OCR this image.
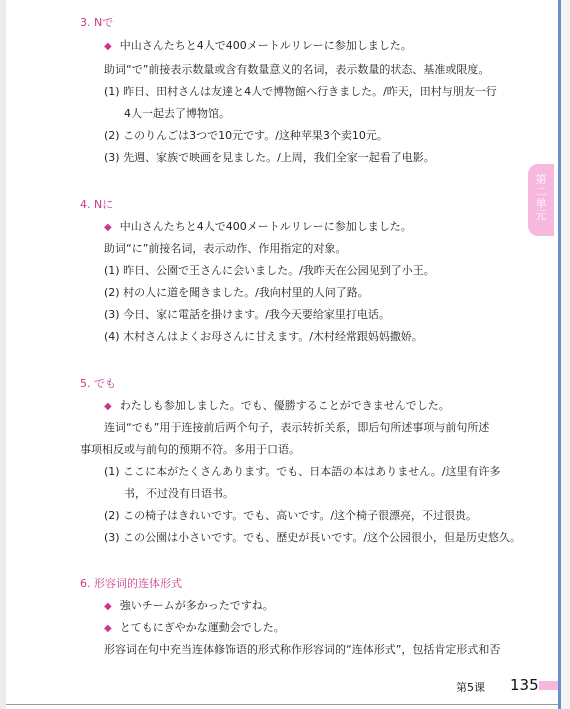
第
二
单
元
3. Nで
◆ 中山さんたちと4人で400メートルリレーに参加しました。
助词“で”前接表示数量或含有数量意义的名词，表示数量的状态、基准或限度。
(1) 昨日、田村さんは友達と4人で博物館へ行きました。/昨天，田村与朋友一行
4人一起去了博物馆。
(2) このりんごは3つで10元です。/这种苹果3个卖10元。
(3) 先週、家族で映画を見ました。/上周，我们全家一起看了电影。
4. Nに
◆ 中山さんたちと4人で400メートルリレーに参加しました。
助词“に”前接名词，表示动作、作用指定的对象。
(1) 昨日、公園で王さんに会いました。/我昨天在公园见到了小王。
(2) 村の人に道を聞きました。/我向村里的人问了路。
(3) 今日、家に電話を掛けます。/我今天要给家里打电话。
(4) 木村さんはよくお母さんに甘えます。/木村经常跟妈妈撒娇。
5. でも
◆ わたしも参加しました。でも、優勝することができませんでした。
连词“でも”用于连接前后两个句子，表示转折关系，即后句所述事项与前句所述
事项相反或与前句的预期不符。多用于口语。
(1) ここに本がたくさんあります。でも、日本語の本はありません。/这里有许多
书，不过没有日语书。
(2) この椅子はきれいです。でも、高いです。/这个椅子很漂亮，不过很贵。
(3) この公園は小さいです。でも、歴史が長いです。/这个公园很小，但是历史悠久。
6. 形容词的连体形式
◆ 強いチームが多かったですね。
◆ とてもにぎやかな運動会でした。
形容词在句中充当连体修饰语的形式称作形容词的“连体形式”，包括肯定形式和否
第5课 135
